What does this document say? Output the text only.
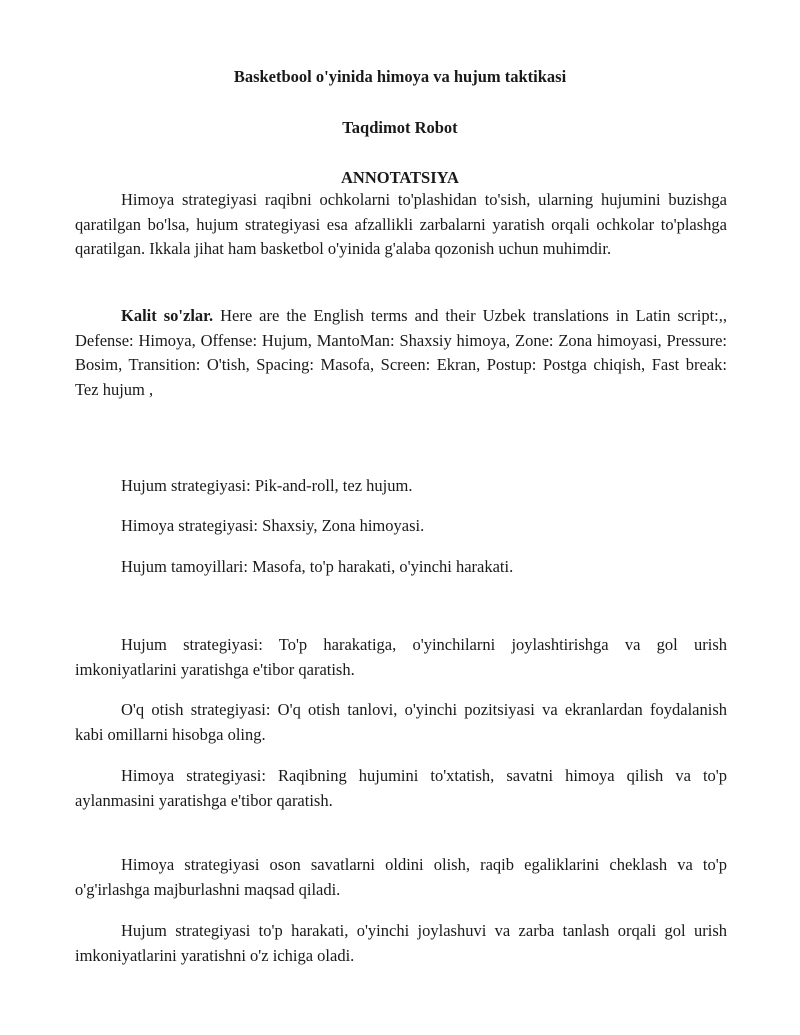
Basketbool o'yinida himoya va hujum taktikasi

Taqdimot Robot

ANNOTATSIYA

Himoya strategiyasi raqibni ochkolarni to'plashidan to'sish, ularning hujumini buzishga qaratilgan bo'lsa, hujum strategiyasi esa afzallikli zarbalarni yaratish orqali ochkolar to'plashga qaratilgan. Ikkala jihat ham basketbol o'yinida g'alaba qozonish uchun muhimdir.

Kalit so'zlar. Here are the English terms and their Uzbek translations in Latin script:,, Defense: Himoya, Offense: Hujum, MantoMan: Shaxsiy himoya, Zone: Zona himoyasi, Pressure: Bosim, Transition: O'tish, Spacing: Masofa, Screen: Ekran, Postup: Postga chiqish, Fast break: Tez hujum ,

Hujum strategiyasi: Pik-and-roll, tez hujum.

Himoya strategiyasi: Shaxsiy, Zona himoyasi.

Hujum tamoyillari: Masofa, to'p harakati, o'yinchi harakati.

Hujum strategiyasi: To'p harakatiga, o'yinchilarni joylashtirishga va gol urish imkoniyatlarini yaratishga e'tibor qaratish.

O'q otish strategiyasi: O'q otish tanlovi, o'yinchi pozitsiyasi va ekranlardan foydalanish kabi omillarni hisobga oling.

Himoya strategiyasi: Raqibning hujumini to'xtatish, savatni himoya qilish va to'p aylanmasini yaratishga e'tibor qaratish.

Himoya strategiyasi oson savatlarni oldini olish, raqib egaliklarini cheklash va to'p o'g'irlashga majburlashni maqsad qiladi.

Hujum strategiyasi to'p harakati, o'yinchi joylashuvi va zarba tanlash orqali gol urish imkoniyatlarini yaratishni o'z ichiga oladi.
